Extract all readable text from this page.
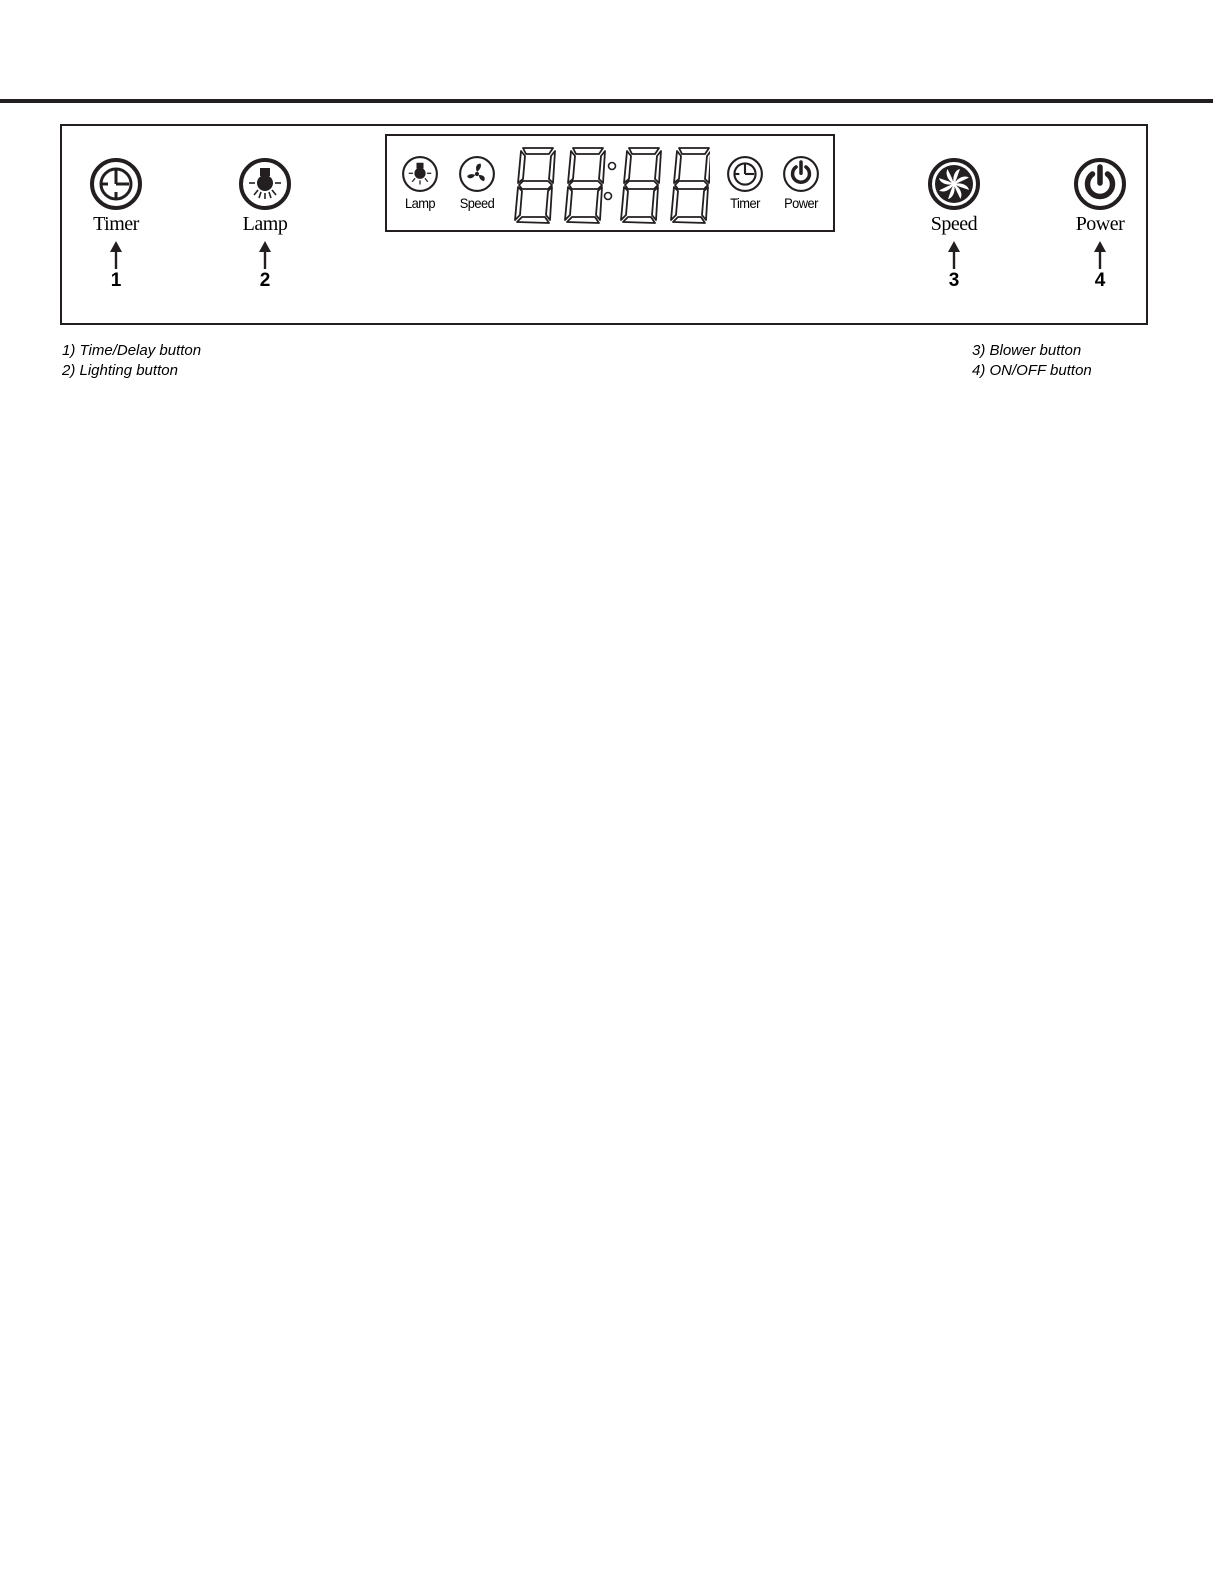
Timer
1
Lamp
2
Lamp	Speed	Timer	Power
Speed
3
Power
4
1) Time/Delay button
2) Lighting button
3) Blower button
4) ON/OFF button
